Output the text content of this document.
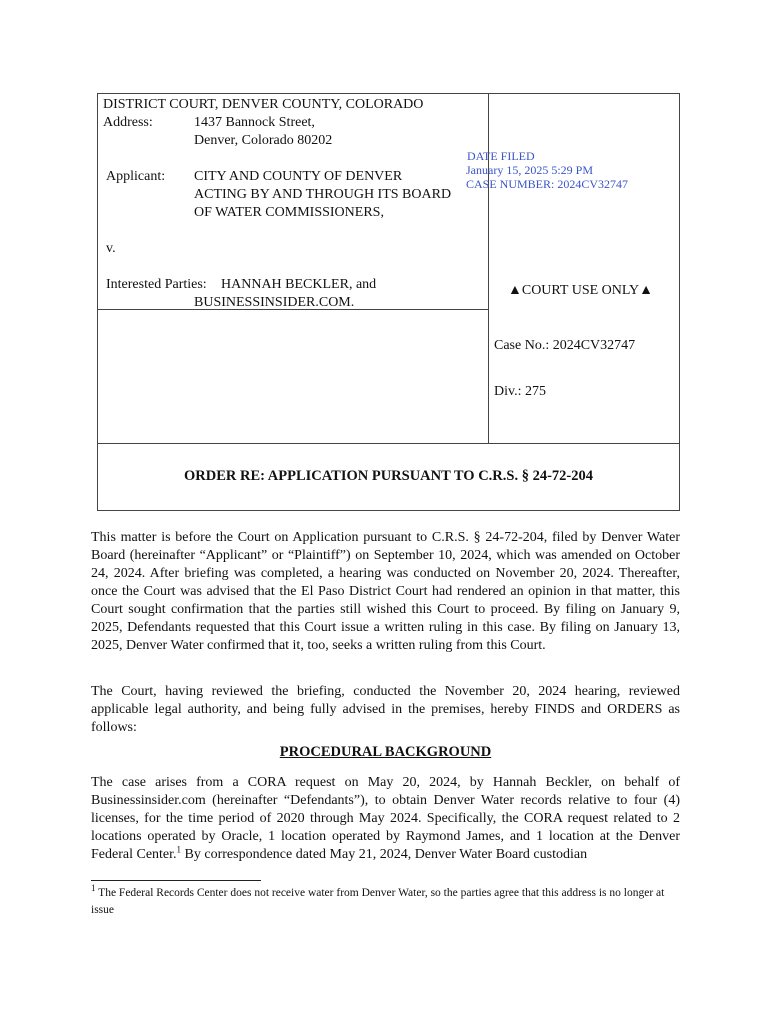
DISTRICT COURT, DENVER COUNTY, COLORADO
Address:	1437 Bannock Street,
Denver, Colorado 80202
Applicant: CITY AND COUNTY OF DENVER
ACTING BY AND THROUGH ITS BOARD
OF WATER COMMISSIONERS,
v.
Interested Parties: HANNAH BECKLER, and
BUSINESSINSIDER.COM.
▲COURT USE ONLY▲
Case No.: 2024CV32747
Div.: 275
ORDER RE: APPLICATION PURSUANT TO C.R.S. § 24-72-204
DATE FILED
January 15, 2025 5:29 PM
CASE NUMBER: 2024CV32747
This matter is before the Court on Application pursuant to C.R.S. § 24-72-204, filed by Denver Water Board (hereinafter “Applicant” or “Plaintiff”) on September 10, 2024, which was amended on October 24, 2024. After briefing was completed, a hearing was conducted on November 20, 2024. Thereafter, once the Court was advised that the El Paso District Court had rendered an opinion in that matter, this Court sought confirmation that the parties still wished this Court to proceed. By filing on January 9, 2025, Defendants requested that this Court issue a written ruling in this case. By filing on January 13, 2025, Denver Water confirmed that it, too, seeks a written ruling from this Court.
The Court, having reviewed the briefing, conducted the November 20, 2024 hearing, reviewed applicable legal authority, and being fully advised in the premises, hereby FINDS and ORDERS as follows:
PROCEDURAL BACKGROUND
The case arises from a CORA request on May 20, 2024, by Hannah Beckler, on behalf of Businessinsider.com (hereinafter “Defendants”), to obtain Denver Water records relative to four (4) licenses, for the time period of 2020 through May 2024. Specifically, the CORA request related to 2 locations operated by Oracle, 1 location operated by Raymond James, and 1 location at the Denver Federal Center.$^1$ By correspondence dated May 21, 2024, Denver Water Board custodian
$^1$ The Federal Records Center does not receive water from Denver Water, so the parties agree that this address is no longer at issue
